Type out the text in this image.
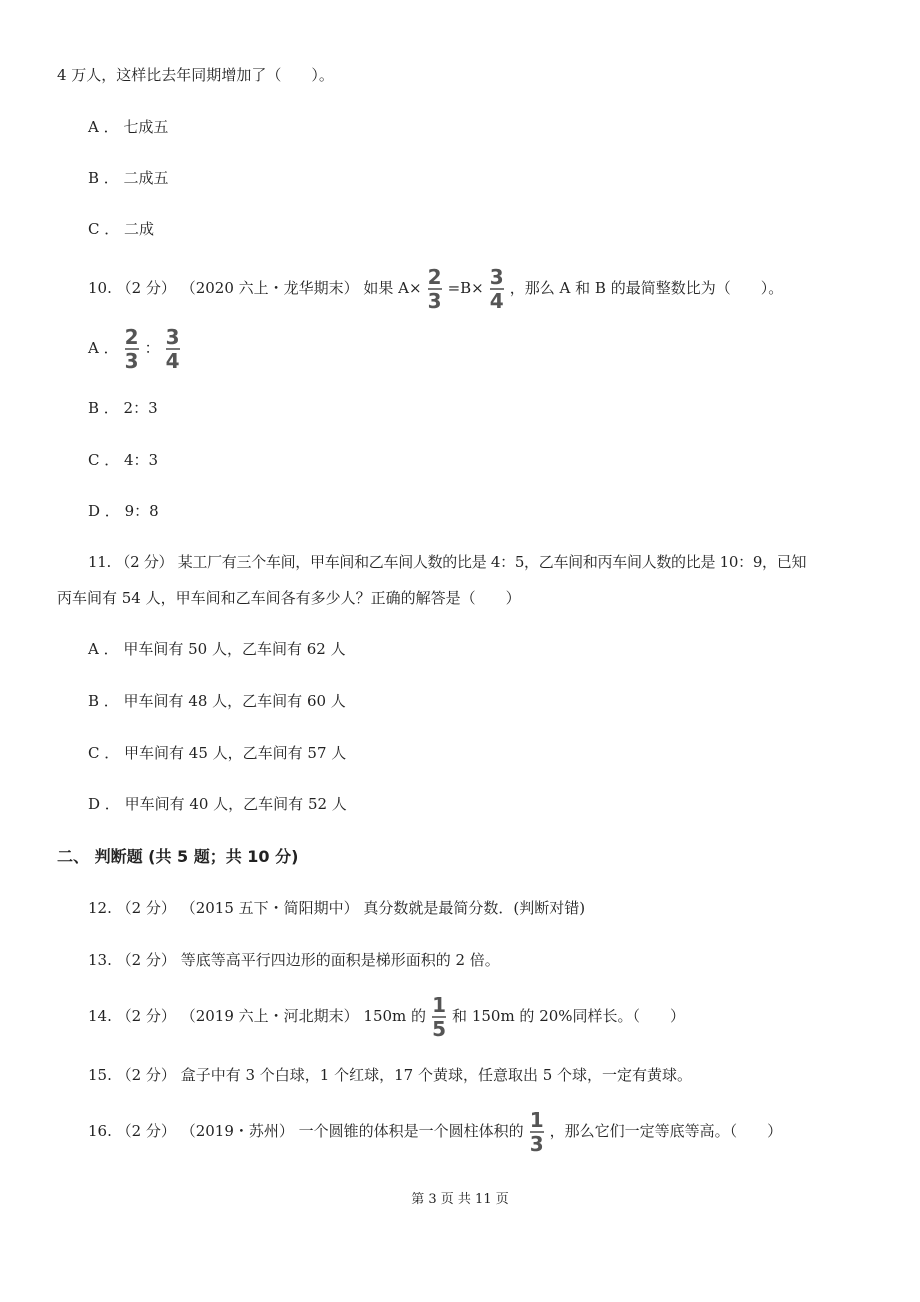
4 万人，这样比去年同期增加了（　　）。
A ． 七成五
B ． 二成五
C ． 二成
10. （2 分） （2020 六上・龙华期末） 如果 $A\times \frac{2}{3} =B\times \frac{3}{4}$ ，那么 A 和 B 的最简整数比为（　　）。
A ． $\frac{2}{3}$ ： $\frac{3}{4}$
B ． 2：3
C ． 4：3
D ． 9：8
11. （2 分） 某工厂有三个车间，甲车间和乙车间人数的比是 4：5，乙车间和丙车间人数的比是 10：9，已知
丙车间有 54 人，甲车间和乙车间各有多少人？正确的解答是（　　）
A ． 甲车间有 50 人，乙车间有 62 人
B ． 甲车间有 48 人，乙车间有 60 人
C ． 甲车间有 45 人，乙车间有 57 人
D ． 甲车间有 40 人，乙车间有 52 人
二、 判断题 (共 5 题；共 10 分)
12. （2 分） （2015 五下・简阳期中） 真分数就是最简分数．(判断对错)
13. （2 分） 等底等高平行四边形的面积是梯形面积的 2 倍。
14. （2 分） （2019 六上・河北期末） 150m 的 $\frac{1}{5}$ 和 150m 的 20%同样长。（　　）
15. （2 分） 盒子中有 3 个白球，1 个红球，17 个黄球，任意取出 5 个球，一定有黄球。
16. （2 分） （2019・苏州） 一个圆锥的体积是一个圆柱体积的 $\frac{1}{3}$ ，那么它们一定等底等高。（　　）
第 3 页 共 11 页
